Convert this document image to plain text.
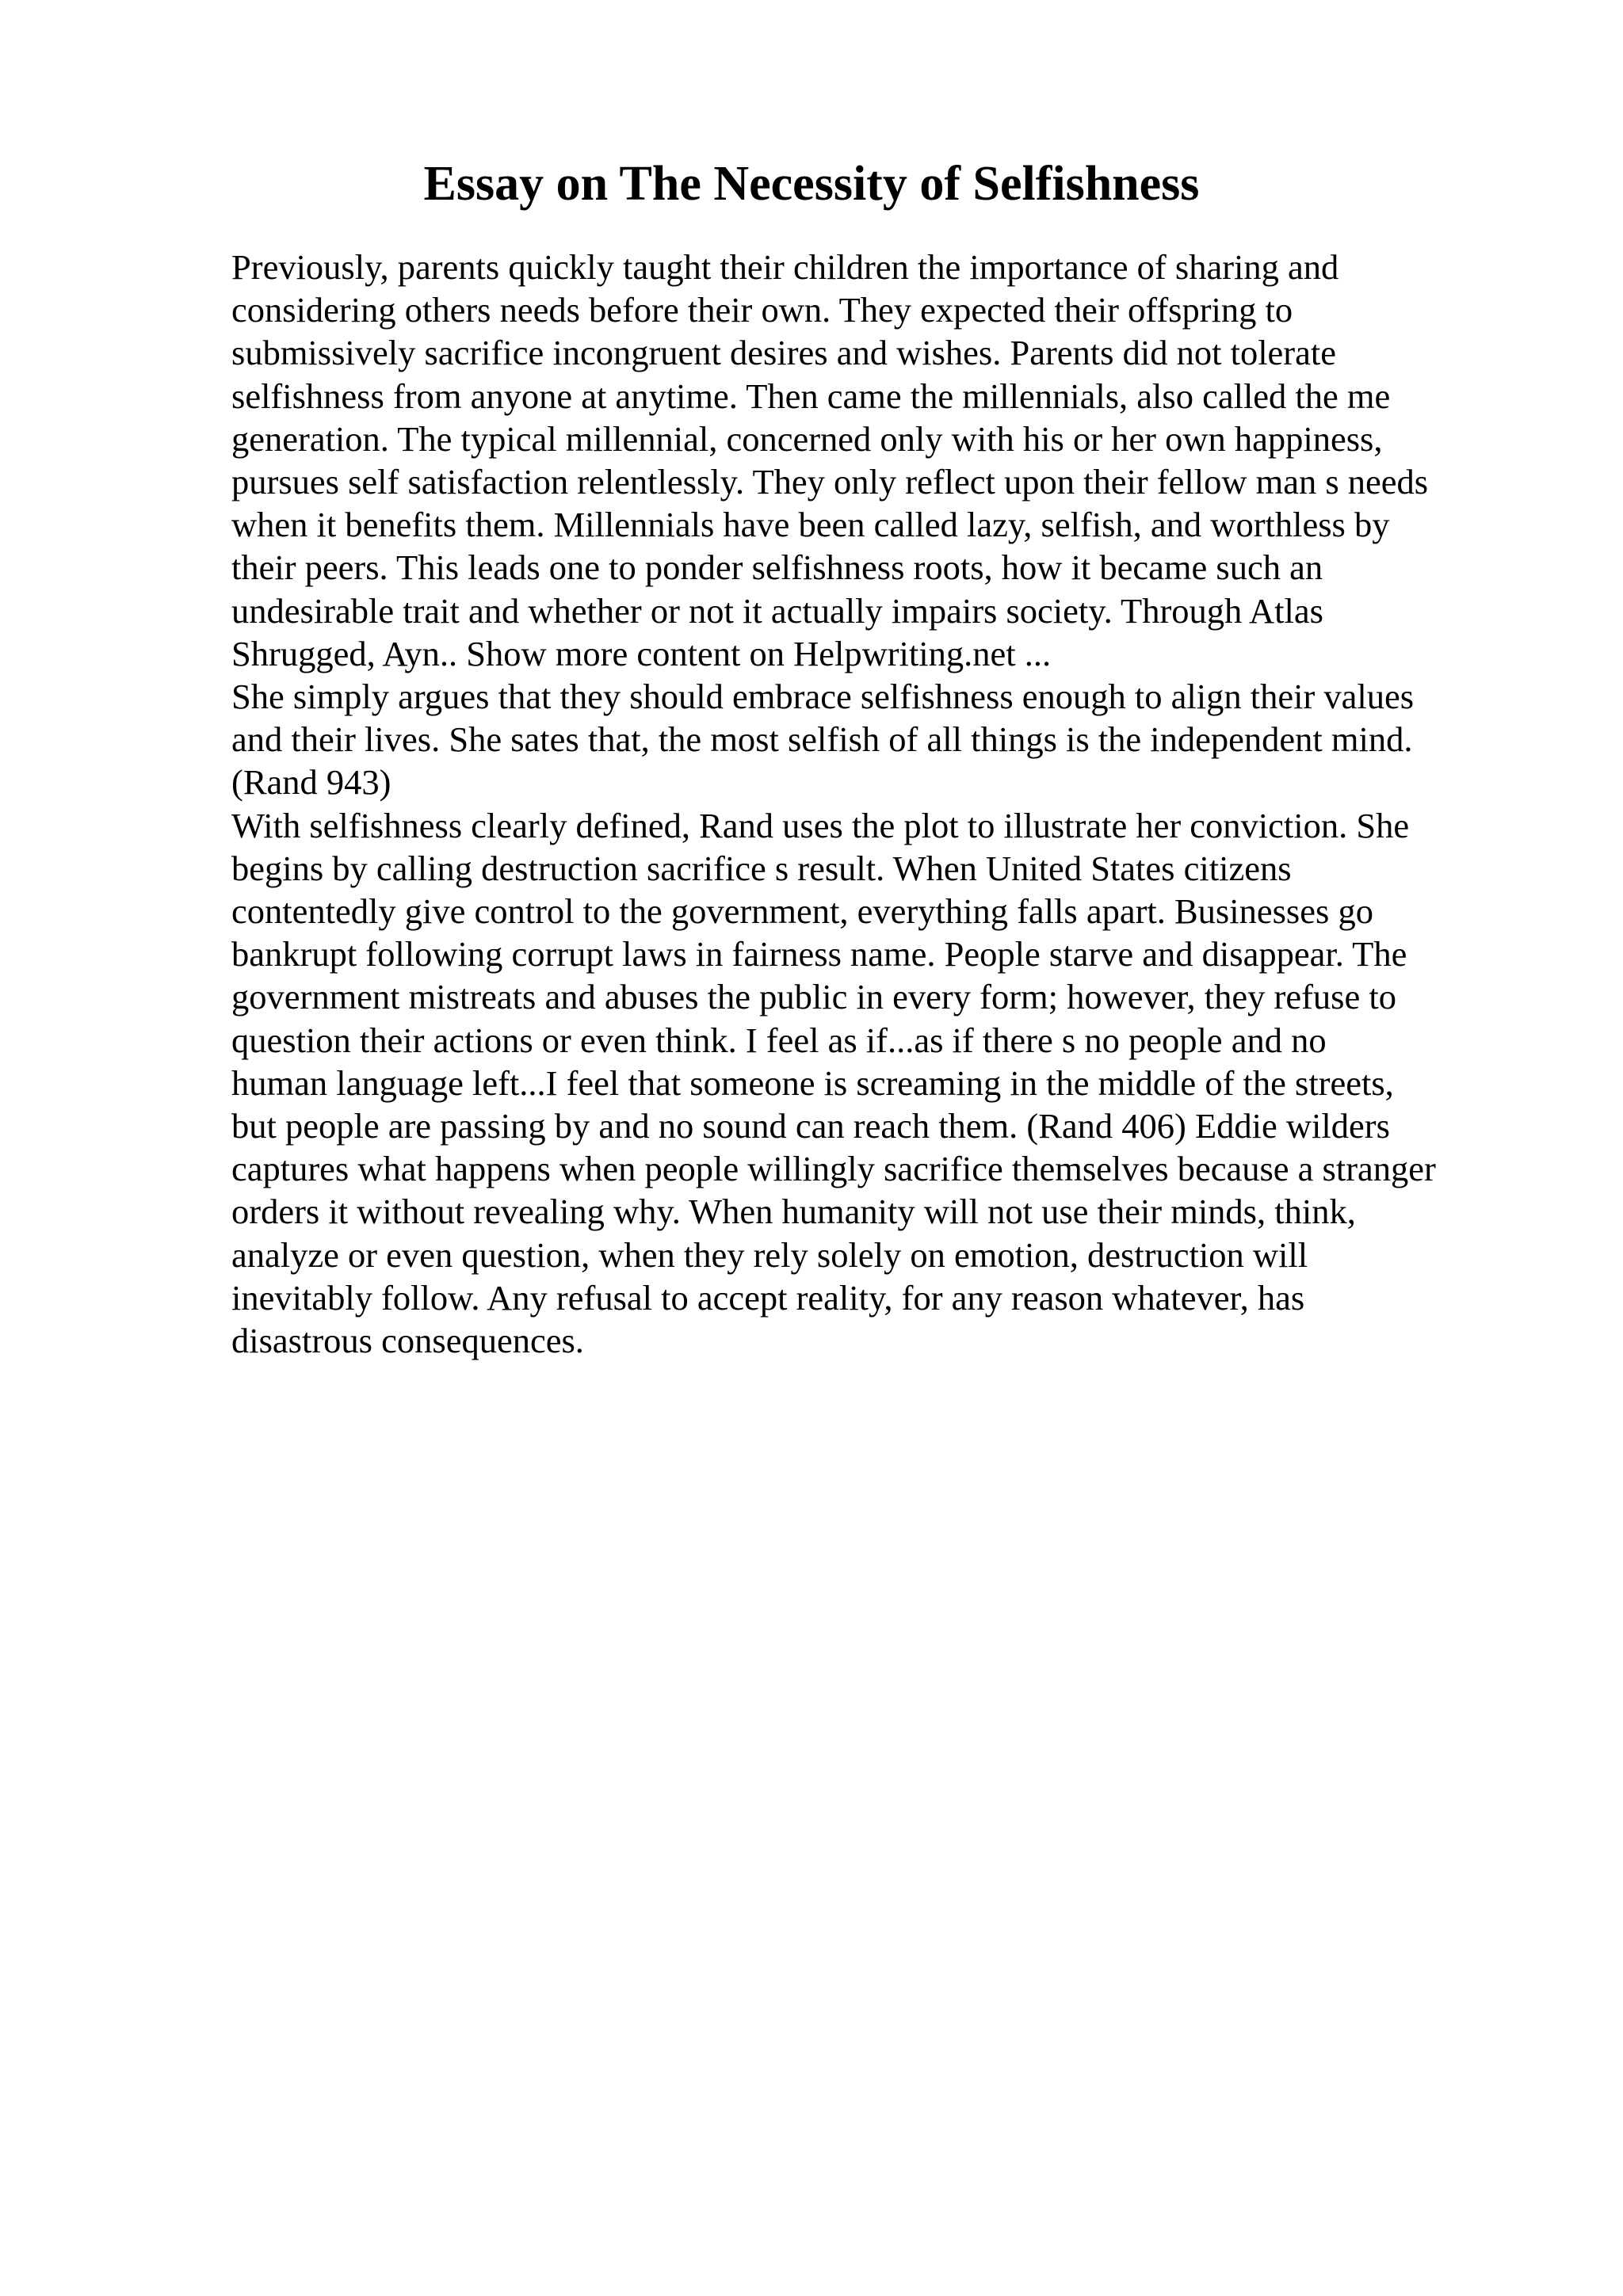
Essay on The Necessity of Selfishness
Previously, parents quickly taught their children the importance of sharing and
considering others needs before their own. They expected their offspring to
submissively sacrifice incongruent desires and wishes. Parents did not tolerate
selfishness from anyone at anytime. Then came the millennials, also called the me
generation. The typical millennial, concerned only with his or her own happiness,
pursues self satisfaction relentlessly. They only reflect upon their fellow man s needs
when it benefits them. Millennials have been called lazy, selfish, and worthless by
their peers. This leads one to ponder selfishness roots, how it became such an
undesirable trait and whether or not it actually impairs society. Through Atlas
Shrugged, Ayn.. Show more content on Helpwriting.net ...
She simply argues that they should embrace selfishness enough to align their values
and their lives. She sates that, the most selfish of all things is the independent mind.
(Rand 943)
With selfishness clearly defined, Rand uses the plot to illustrate her conviction. She
begins by calling destruction sacrifice s result. When United States citizens
contentedly give control to the government, everything falls apart. Businesses go
bankrupt following corrupt laws in fairness name. People starve and disappear. The
government mistreats and abuses the public in every form; however, they refuse to
question their actions or even think. I feel as if...as if there s no people and no
human language left...I feel that someone is screaming in the middle of the streets,
but people are passing by and no sound can reach them. (Rand 406) Eddie wilders
captures what happens when people willingly sacrifice themselves because a stranger
orders it without revealing why. When humanity will not use their minds, think,
analyze or even question, when they rely solely on emotion, destruction will
inevitably follow. Any refusal to accept reality, for any reason whatever, has
disastrous consequences.
